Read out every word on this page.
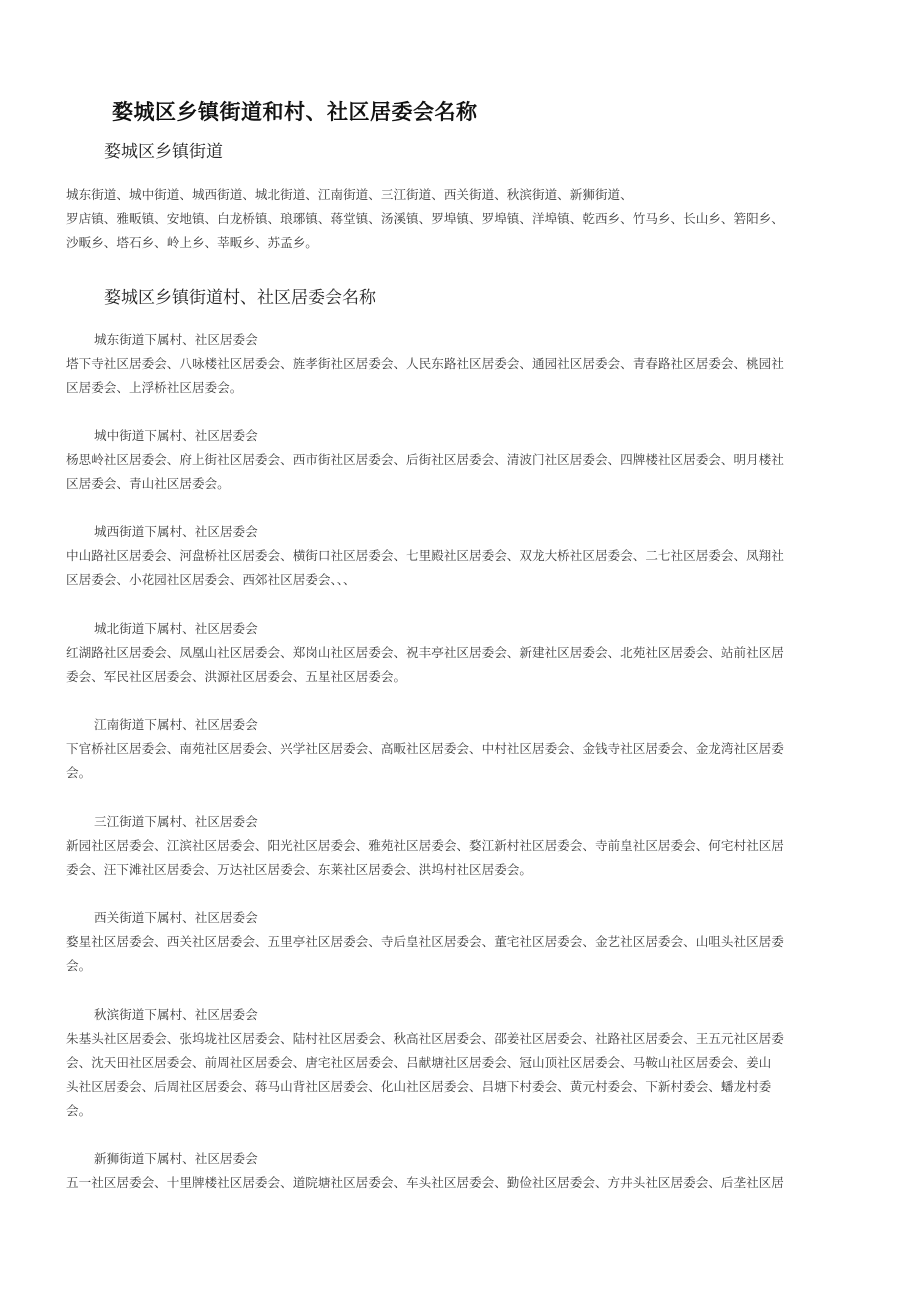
婺城区乡镇街道和村、社区居委会名称
婺城区乡镇街道
城东街道、城中街道、城西街道、城北街道、江南街道、三江街道、西关街道、秋滨街道、新狮街道、
罗店镇、雅畈镇、安地镇、白龙桥镇、琅琊镇、蒋堂镇、汤溪镇、罗埠镇、罗埠镇、洋埠镇、乾西乡、竹马乡、长山乡、箬阳乡、
沙畈乡、塔石乡、岭上乡、莘畈乡、苏孟乡。
婺城区乡镇街道村、社区居委会名称
城东街道下属村、社区居委会
塔下寺社区居委会、八咏楼社区居委会、旌孝街社区居委会、人民东路社区居委会、通园社区居委会、青春路社区居委会、桃园社
区居委会、上浮桥社区居委会。
城中街道下属村、社区居委会
杨思岭社区居委会、府上街社区居委会、西市街社区居委会、后街社区居委会、清波门社区居委会、四牌楼社区居委会、明月楼社
区居委会、青山社区居委会。
城西街道下属村、社区居委会
中山路社区居委会、河盘桥社区居委会、横街口社区居委会、七里殿社区居委会、双龙大桥社区居委会、二七社区居委会、凤翔社
区居委会、小花园社区居委会、西郊社区居委会、、、
城北街道下属村、社区居委会
红湖路社区居委会、凤凰山社区居委会、郑岗山社区居委会、祝丰亭社区居委会、新建社区居委会、北苑社区居委会、站前社区居
委会、军民社区居委会、洪源社区居委会、五星社区居委会。
江南街道下属村、社区居委会
下官桥社区居委会、南苑社区居委会、兴学社区居委会、高畈社区居委会、中村社区居委会、金钱寺社区居委会、金龙湾社区居委
会。
三江街道下属村、社区居委会
新园社区居委会、江滨社区居委会、阳光社区居委会、雅苑社区居委会、婺江新村社区居委会、寺前皇社区居委会、何宅村社区居
委会、汪下滩社区居委会、万达社区居委会、东莱社区居委会、洪坞村社区居委会。
西关街道下属村、社区居委会
婺星社区居委会、西关社区居委会、五里亭社区居委会、寺后皇社区居委会、董宅社区居委会、金艺社区居委会、山咀头社区居委
会。
秋滨街道下属村、社区居委会
朱基头社区居委会、张坞垅社区居委会、陆村社区居委会、秋高社区居委会、邵姜社区居委会、社路社区居委会、王五元社区居委
会、沈天田社区居委会、前周社区居委会、唐宅社区居委会、吕献塘社区居委会、冠山顶社区居委会、马鞍山社区居委会、姜山
头社区居委会、后周社区居委会、蒋马山背社区居委会、化山社区居委会、吕塘下村委会、黄元村委会、下新村委会、蟠龙村委
会。
新狮街道下属村、社区居委会
五一社区居委会、十里牌楼社区居委会、道院塘社区居委会、车头社区居委会、勤俭社区居委会、方井头社区居委会、后垄社区居
